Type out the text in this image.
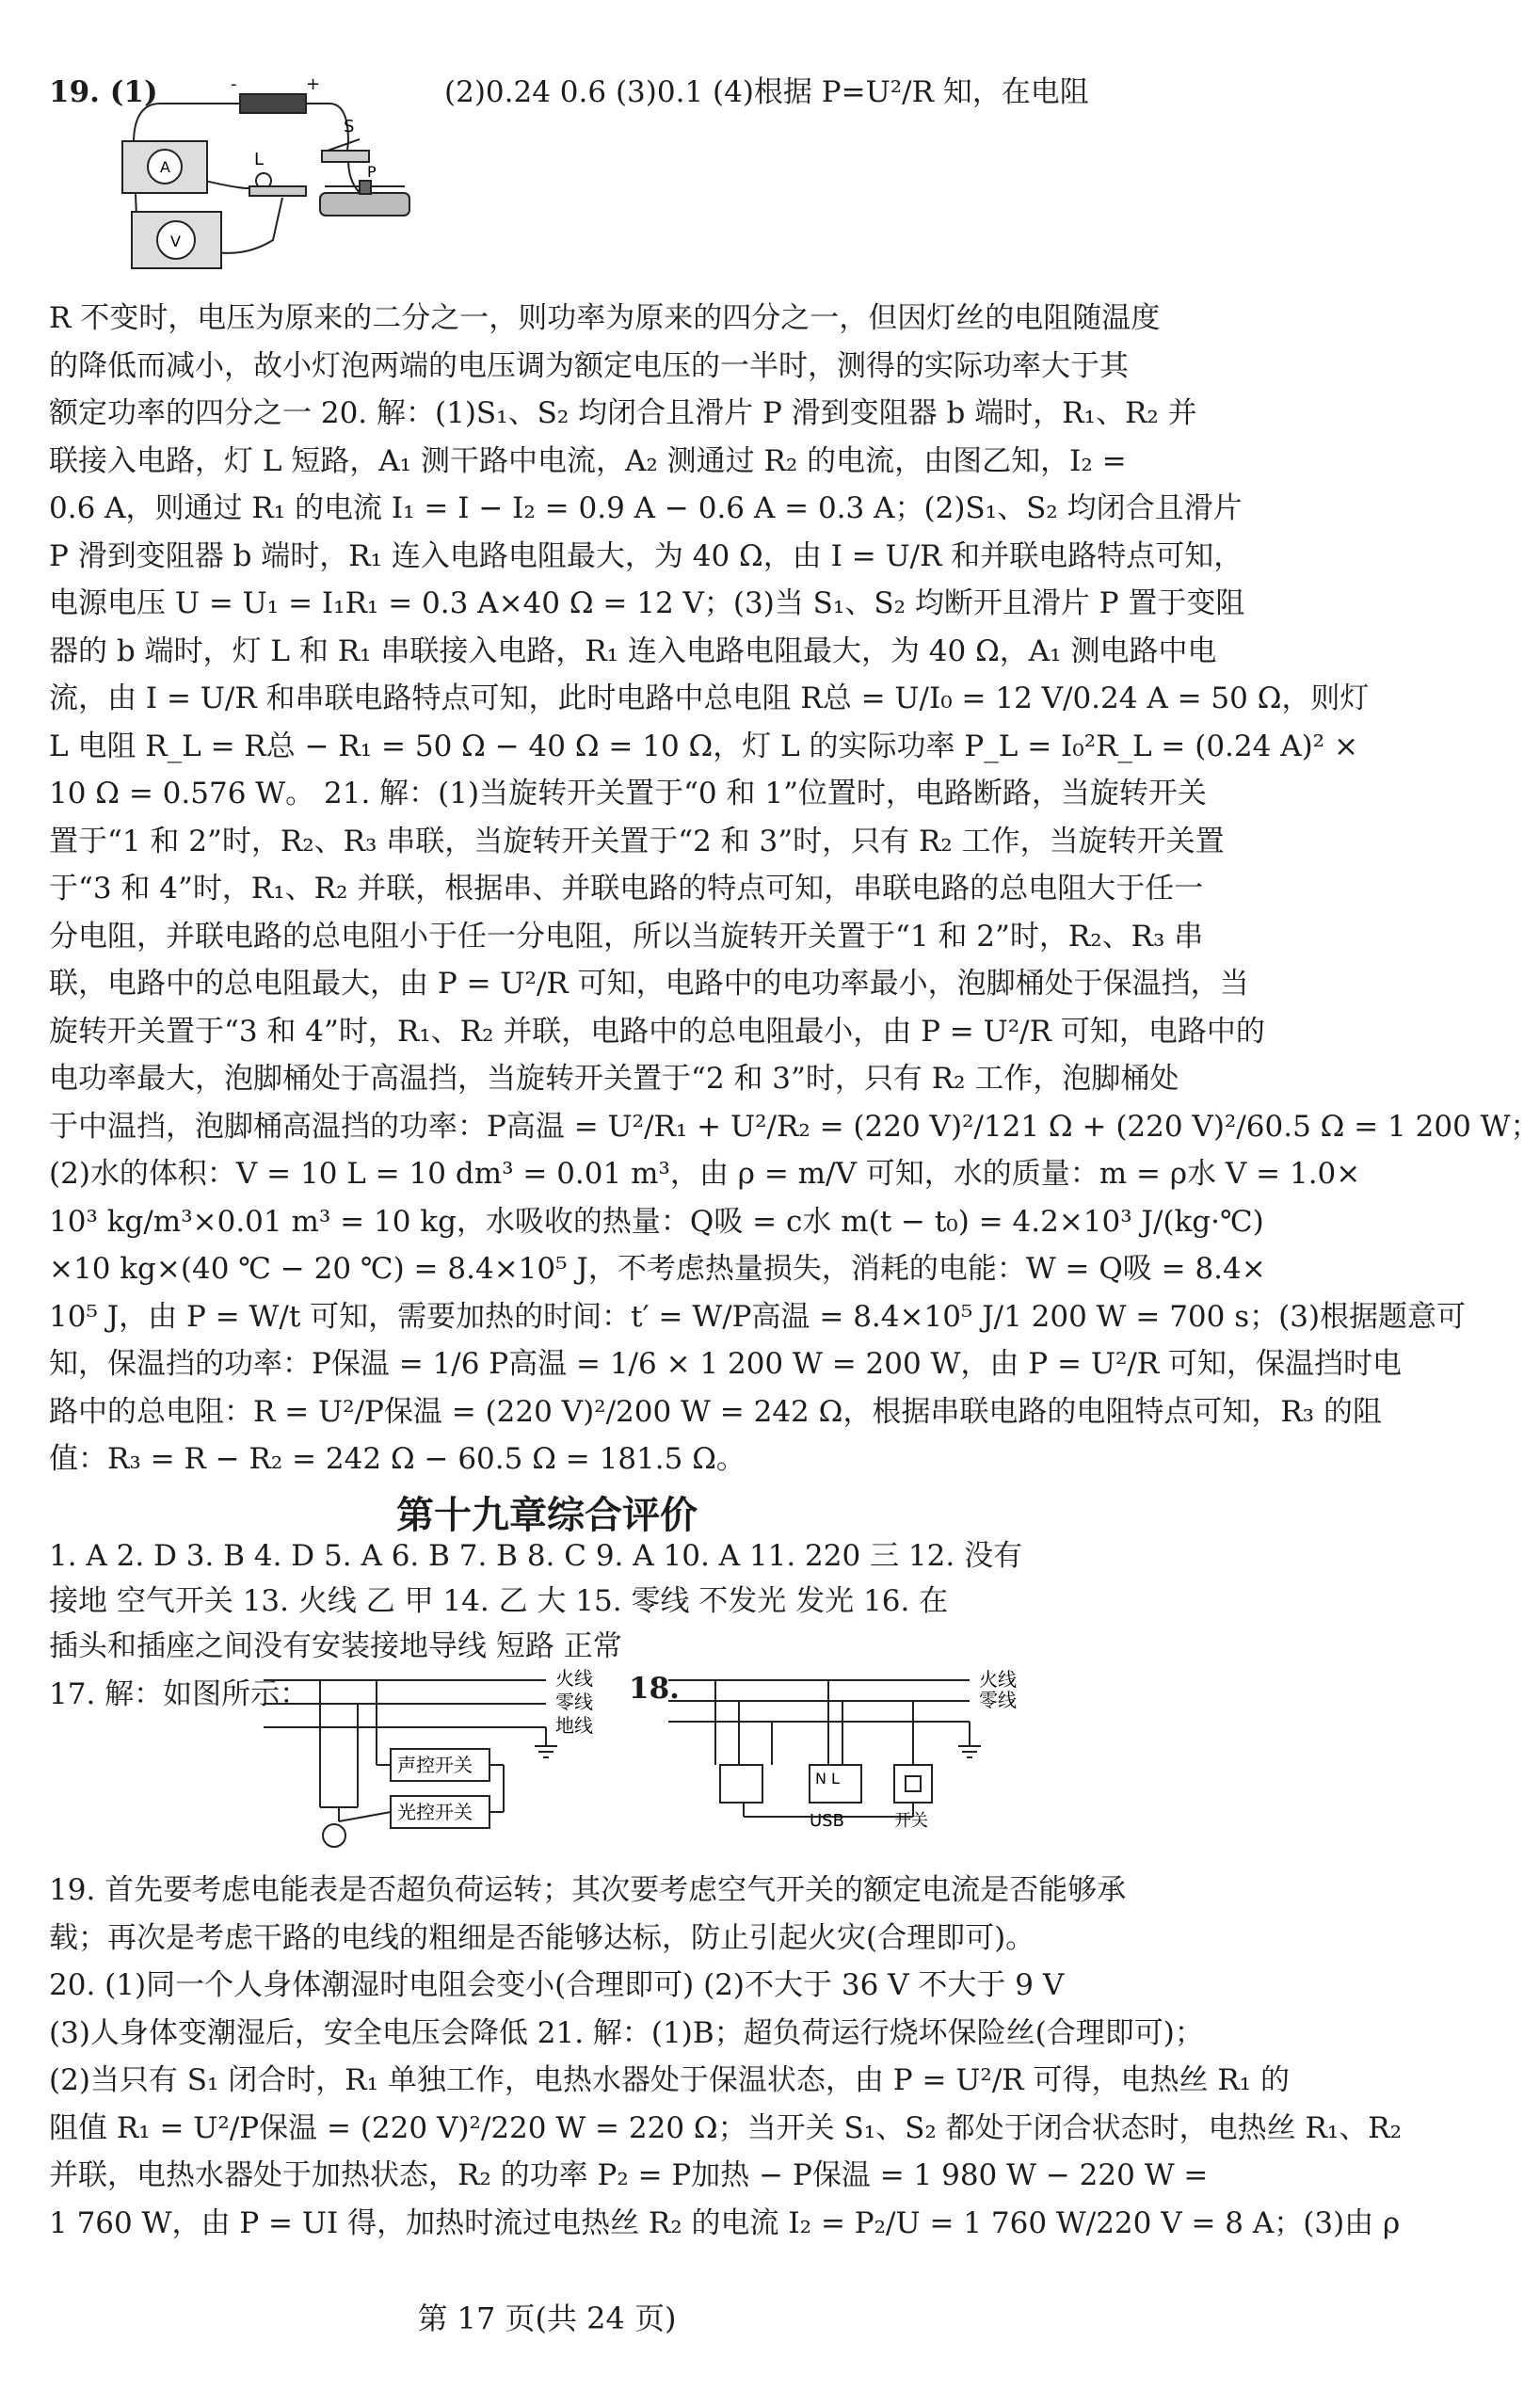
19. (1)	(2)0.24 0.6 (3)0.1 (4)根据 P=U²/R 知，在电阻
-	+
S
L
A
V
P
R 不变时，电压为原来的二分之一，则功率为原来的四分之一，但因灯丝的电阻随温度
的降低而减小，故小灯泡两端的电压调为额定电压的一半时，测得的实际功率大于其
额定功率的四分之一 20. 解：(1)S₁、S₂ 均闭合且滑片 P 滑到变阻器 b 端时，R₁、R₂ 并
联接入电路，灯 L 短路，A₁ 测干路中电流，A₂ 测通过 R₂ 的电流，由图乙知，I₂ =
0.6 A，则通过 R₁ 的电流 I₁ = I − I₂ = 0.9 A − 0.6 A = 0.3 A；(2)S₁、S₂ 均闭合且滑片
P 滑到变阻器 b 端时，R₁ 连入电路电阻最大，为 40 Ω，由 I = U/R 和并联电路特点可知，
电源电压 U = U₁ = I₁R₁ = 0.3 A×40 Ω = 12 V；(3)当 S₁、S₂ 均断开且滑片 P 置于变阻
器的 b 端时，灯 L 和 R₁ 串联接入电路，R₁ 连入电路电阻最大，为 40 Ω，A₁ 测电路中电
流，由 I = U/R 和串联电路特点可知，此时电路中总电阻 R总 = U/I₀ = 12 V/0.24 A = 50 Ω，则灯
L 电阻 R_L = R总 − R₁ = 50 Ω − 40 Ω = 10 Ω，灯 L 的实际功率 P_L = I₀²R_L = (0.24 A)² ×
10 Ω = 0.576 W。 21. 解：(1)当旋转开关置于“0 和 1”位置时，电路断路，当旋转开关
置于“1 和 2”时，R₂、R₃ 串联，当旋转开关置于“2 和 3”时，只有 R₂ 工作，当旋转开关置
于“3 和 4”时，R₁、R₂ 并联，根据串、并联电路的特点可知，串联电路的总电阻大于任一
分电阻，并联电路的总电阻小于任一分电阻，所以当旋转开关置于“1 和 2”时，R₂、R₃ 串
联，电路中的总电阻最大，由 P = U²/R 可知，电路中的电功率最小，泡脚桶处于保温挡，当
旋转开关置于“3 和 4”时，R₁、R₂ 并联，电路中的总电阻最小，由 P = U²/R 可知，电路中的
电功率最大，泡脚桶处于高温挡，当旋转开关置于“2 和 3”时，只有 R₂ 工作，泡脚桶处
于中温挡，泡脚桶高温挡的功率：P高温 = U²/R₁ + U²/R₂ = (220 V)²/121 Ω + (220 V)²/60.5 Ω = 1 200 W；
(2)水的体积：V = 10 L = 10 dm³ = 0.01 m³，由 ρ = m/V 可知，水的质量：m = ρ水 V = 1.0×
10³ kg/m³×0.01 m³ = 10 kg，水吸收的热量：Q吸 = c水 m(t − t₀) = 4.2×10³ J/(kg·℃)
×10 kg×(40 ℃ − 20 ℃) = 8.4×10⁵ J，不考虑热量损失，消耗的电能：W = Q吸 = 8.4×
10⁵ J，由 P = W/t 可知，需要加热的时间：t′ = W/P高温 = 8.4×10⁵ J/1 200 W = 700 s；(3)根据题意可
知，保温挡的功率：P保温 = 1/6 P高温 = 1/6 × 1 200 W = 200 W，由 P = U²/R 可知，保温挡时电
路中的总电阻：R = U²/P保温 = (220 V)²/200 W = 242 Ω，根据串联电路的电阻特点可知，R₃ 的阻
值：R₃ = R − R₂ = 242 Ω − 60.5 Ω = 181.5 Ω。
第十九章综合评价
1. A 2. D 3. B 4. D 5. A 6. B 7. B 8. C 9. A 10. A 11. 220 三 12. 没有
接地 空气开关 13. 火线 乙 甲 14. 乙 大 15. 零线 不发光 发光 16. 在
插头和插座之间没有安装接地导线 短路 正常
17. 解：如图所示：	火线
零线
地线
声控开关
光控开关
18.	火线
零线
N L
USB	开关
19. 首先要考虑电能表是否超负荷运转；其次要考虑空气开关的额定电流是否能够承
载；再次是考虑干路的电线的粗细是否能够达标，防止引起火灾(合理即可)。
20. (1)同一个人身体潮湿时电阻会变小(合理即可) (2)不大于 36 V 不大于 9 V
(3)人身体变潮湿后，安全电压会降低 21. 解：(1)B；超负荷运行烧坏保险丝(合理即可)；
(2)当只有 S₁ 闭合时，R₁ 单独工作，电热水器处于保温状态，由 P = U²/R 可得，电热丝 R₁ 的
阻值 R₁ = U²/P保温 = (220 V)²/220 W = 220 Ω；当开关 S₁、S₂ 都处于闭合状态时，电热丝 R₁、R₂
并联，电热水器处于加热状态，R₂ 的功率 P₂ = P加热 − P保温 = 1 980 W − 220 W =
1 760 W，由 P = UI 得，加热时流过电热丝 R₂ 的电流 I₂ = P₂/U = 1 760 W/220 V = 8 A；(3)由 ρ
第 17 页(共 24 页)
